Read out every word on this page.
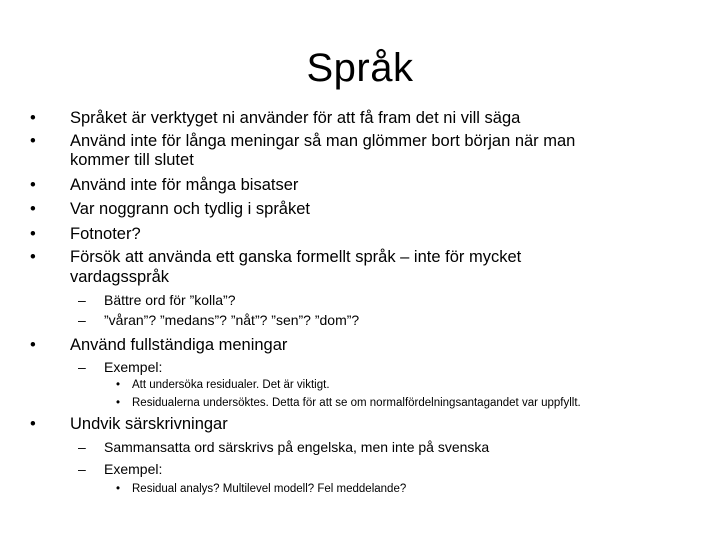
Språk
• Språket är verktyget ni använder för att få fram det ni vill säga
• Använd inte för långa meningar så man glömmer bort början när man
kommer till slutet
• Använd inte för många bisatser
• Var noggrann och tydlig i språket
• Fotnoter?
• Försök att använda ett ganska formellt språk – inte för mycket
vardagsspråk
– Bättre ord för ”kolla”?
– ”våran”? ”medans”? ”nåt”? ”sen”? ”dom”?
• Använd fullständiga meningar
– Exempel:
• Att undersöka residualer. Det är viktigt.
• Residualerna undersöktes. Detta för att se om normalfördelningsantagandet var uppfyllt.
• Undvik särskrivningar
– Sammansatta ord särskrivs på engelska, men inte på svenska
– Exempel:
• Residual analys? Multilevel modell? Fel meddelande?
